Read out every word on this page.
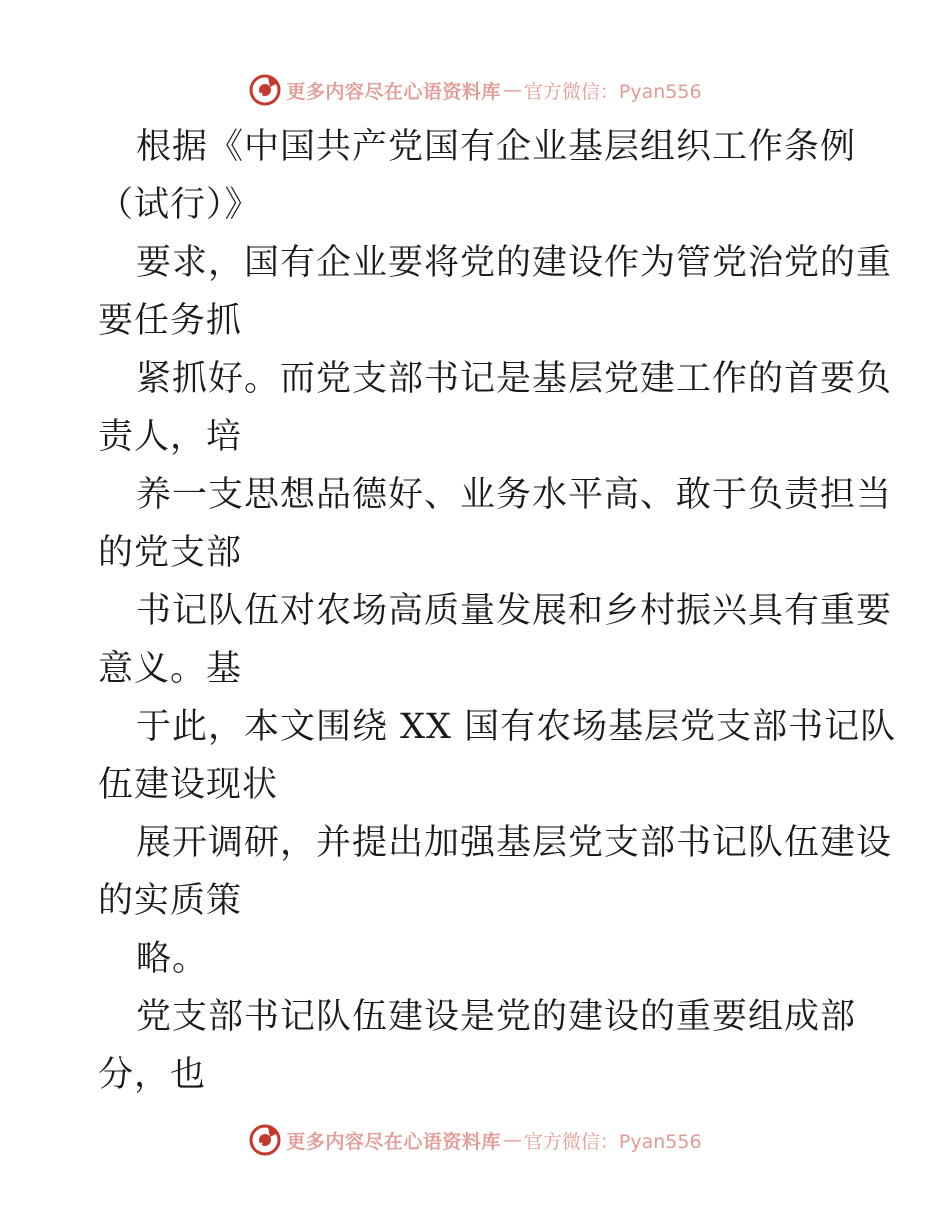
更多内容尽在心语资料库 — 官方微信：Pyan556
根据《中国共产党国有企业基层组织工作条例
（试行）》
要求，国有企业要将党的建设作为管党治党的重
要任务抓
紧抓好。而党支部书记是基层党建工作的首要负
责人，培
养一支思想品德好、业务水平高、敢于负责担当
的党支部
书记队伍对农场高质量发展和乡村振兴具有重要
意义。基
于此，本文围绕 XX 国有农场基层党支部书记队
伍建设现状
展开调研，并提出加强基层党支部书记队伍建设
的实质策
略。
党支部书记队伍建设是党的建设的重要组成部
分，也
更多内容尽在心语资料库 — 官方微信：Pyan556
